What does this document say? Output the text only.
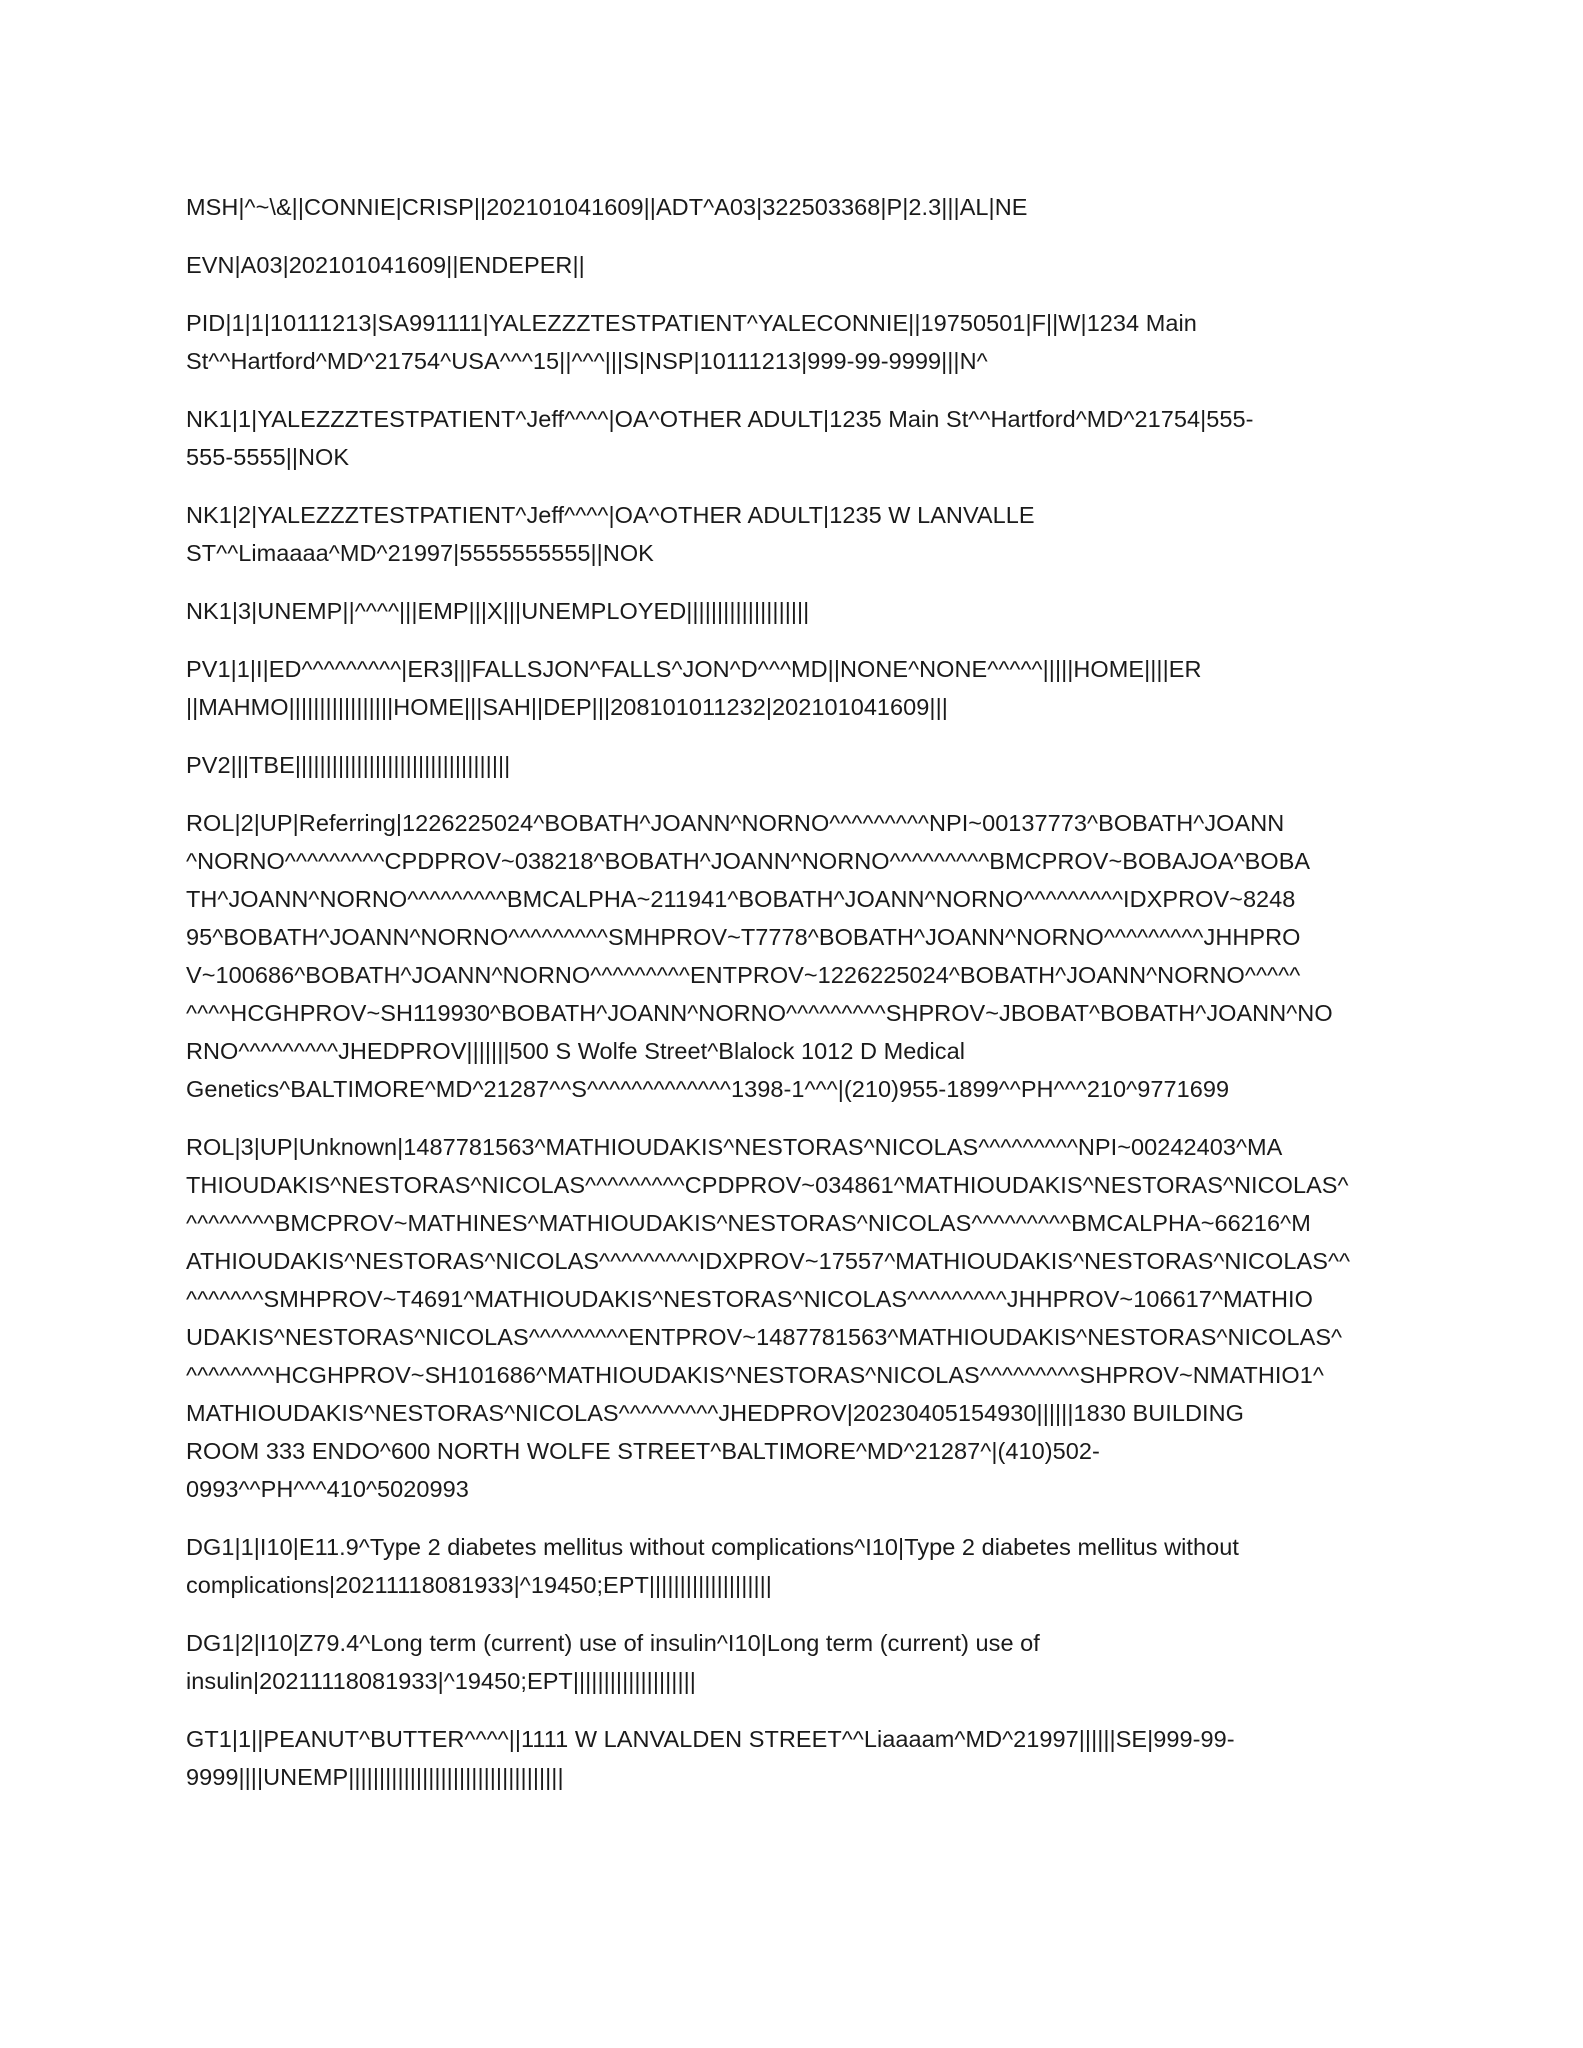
MSH|^~\&||CONNIE|CRISP||202101041609||ADT^A03|322503368|P|2.3|||AL|NE
EVN|A03|202101041609||ENDEPER||
PID|1|1|10111213|SA991111|YALEZZZTESTPATIENT^YALECONNIE||19750501|F||W|1234 Main
St^^Hartford^MD^21754^USA^^^15||^^^|||S|NSP|10111213|999-99-9999|||N^
NK1|1|YALEZZZTESTPATIENT^Jeff^^^^|OA^OTHER ADULT|1235 Main St^^Hartford^MD^21754|555-
555-5555||NOK
NK1|2|YALEZZZTESTPATIENT^Jeff^^^^|OA^OTHER ADULT|1235 W LANVALLE
ST^^Limaaaa^MD^21997|5555555555||NOK
NK1|3|UNEMP||^^^^|||EMP|||X|||UNEMPLOYED||||||||||||||||||||
PV1|1|I|ED^^^^^^^^^|ER3|||FALLSJON^FALLS^JON^D^^^MD||NONE^NONE^^^^^|||||HOME||||ER
||MAHMO|||||||||||||||||HOME|||SAH||DEP|||208101011232|202101041609|||
PV2|||TBE|||||||||||||||||||||||||||||||||||
ROL|2|UP|Referring|1226225024^BOBATH^JOANN^NORNO^^^^^^^^^NPI~00137773^BOBATH^JOANN
^NORNO^^^^^^^^^CPDPROV~038218^BOBATH^JOANN^NORNO^^^^^^^^^BMCPROV~BOBAJOA^BOBA
TH^JOANN^NORNO^^^^^^^^^BMCALPHA~211941^BOBATH^JOANN^NORNO^^^^^^^^^IDXPROV~8248
95^BOBATH^JOANN^NORNO^^^^^^^^^SMHPROV~T7778^BOBATH^JOANN^NORNO^^^^^^^^^JHHPRO
V~100686^BOBATH^JOANN^NORNO^^^^^^^^^ENTPROV~1226225024^BOBATH^JOANN^NORNO^^^^^
^^^^HCGHPROV~SH119930^BOBATH^JOANN^NORNO^^^^^^^^^SHPROV~JBOBAT^BOBATH^JOANN^NO
RNO^^^^^^^^^JHEDPROV|||||||500 S Wolfe Street^Blalock 1012 D Medical
Genetics^BALTIMORE^MD^21287^^S^^^^^^^^^^^^^1398-1^^^|(210)955-1899^^PH^^^210^9771699
ROL|3|UP|Unknown|1487781563^MATHIOUDAKIS^NESTORAS^NICOLAS^^^^^^^^^NPI~00242403^MA
THIOUDAKIS^NESTORAS^NICOLAS^^^^^^^^^CPDPROV~034861^MATHIOUDAKIS^NESTORAS^NICOLAS^
^^^^^^^^BMCPROV~MATHINES^MATHIOUDAKIS^NESTORAS^NICOLAS^^^^^^^^^BMCALPHA~66216^M
ATHIOUDAKIS^NESTORAS^NICOLAS^^^^^^^^^IDXPROV~17557^MATHIOUDAKIS^NESTORAS^NICOLAS^^
^^^^^^^SMHPROV~T4691^MATHIOUDAKIS^NESTORAS^NICOLAS^^^^^^^^^JHHPROV~106617^MATHIO
UDAKIS^NESTORAS^NICOLAS^^^^^^^^^ENTPROV~1487781563^MATHIOUDAKIS^NESTORAS^NICOLAS^
^^^^^^^^HCGHPROV~SH101686^MATHIOUDAKIS^NESTORAS^NICOLAS^^^^^^^^^SHPROV~NMATHIO1^
MATHIOUDAKIS^NESTORAS^NICOLAS^^^^^^^^^JHEDPROV|20230405154930||||||1830 BUILDING
ROOM 333 ENDO^600 NORTH WOLFE STREET^BALTIMORE^MD^21287^|(410)502-
0993^^PH^^^410^5020993
DG1|1|I10|E11.9^Type 2 diabetes mellitus without complications^I10|Type 2 diabetes mellitus without
complications|20211118081933|^19450;EPT||||||||||||||||||||
DG1|2|I10|Z79.4^Long term (current) use of insulin^I10|Long term (current) use of
insulin|20211118081933|^19450;EPT||||||||||||||||||||
GT1|1||PEANUT^BUTTER^^^^||1111 W LANVALDEN STREET^^Liaaaam^MD^21997||||||SE|999-99-
9999||||UNEMP|||||||||||||||||||||||||||||||||||
